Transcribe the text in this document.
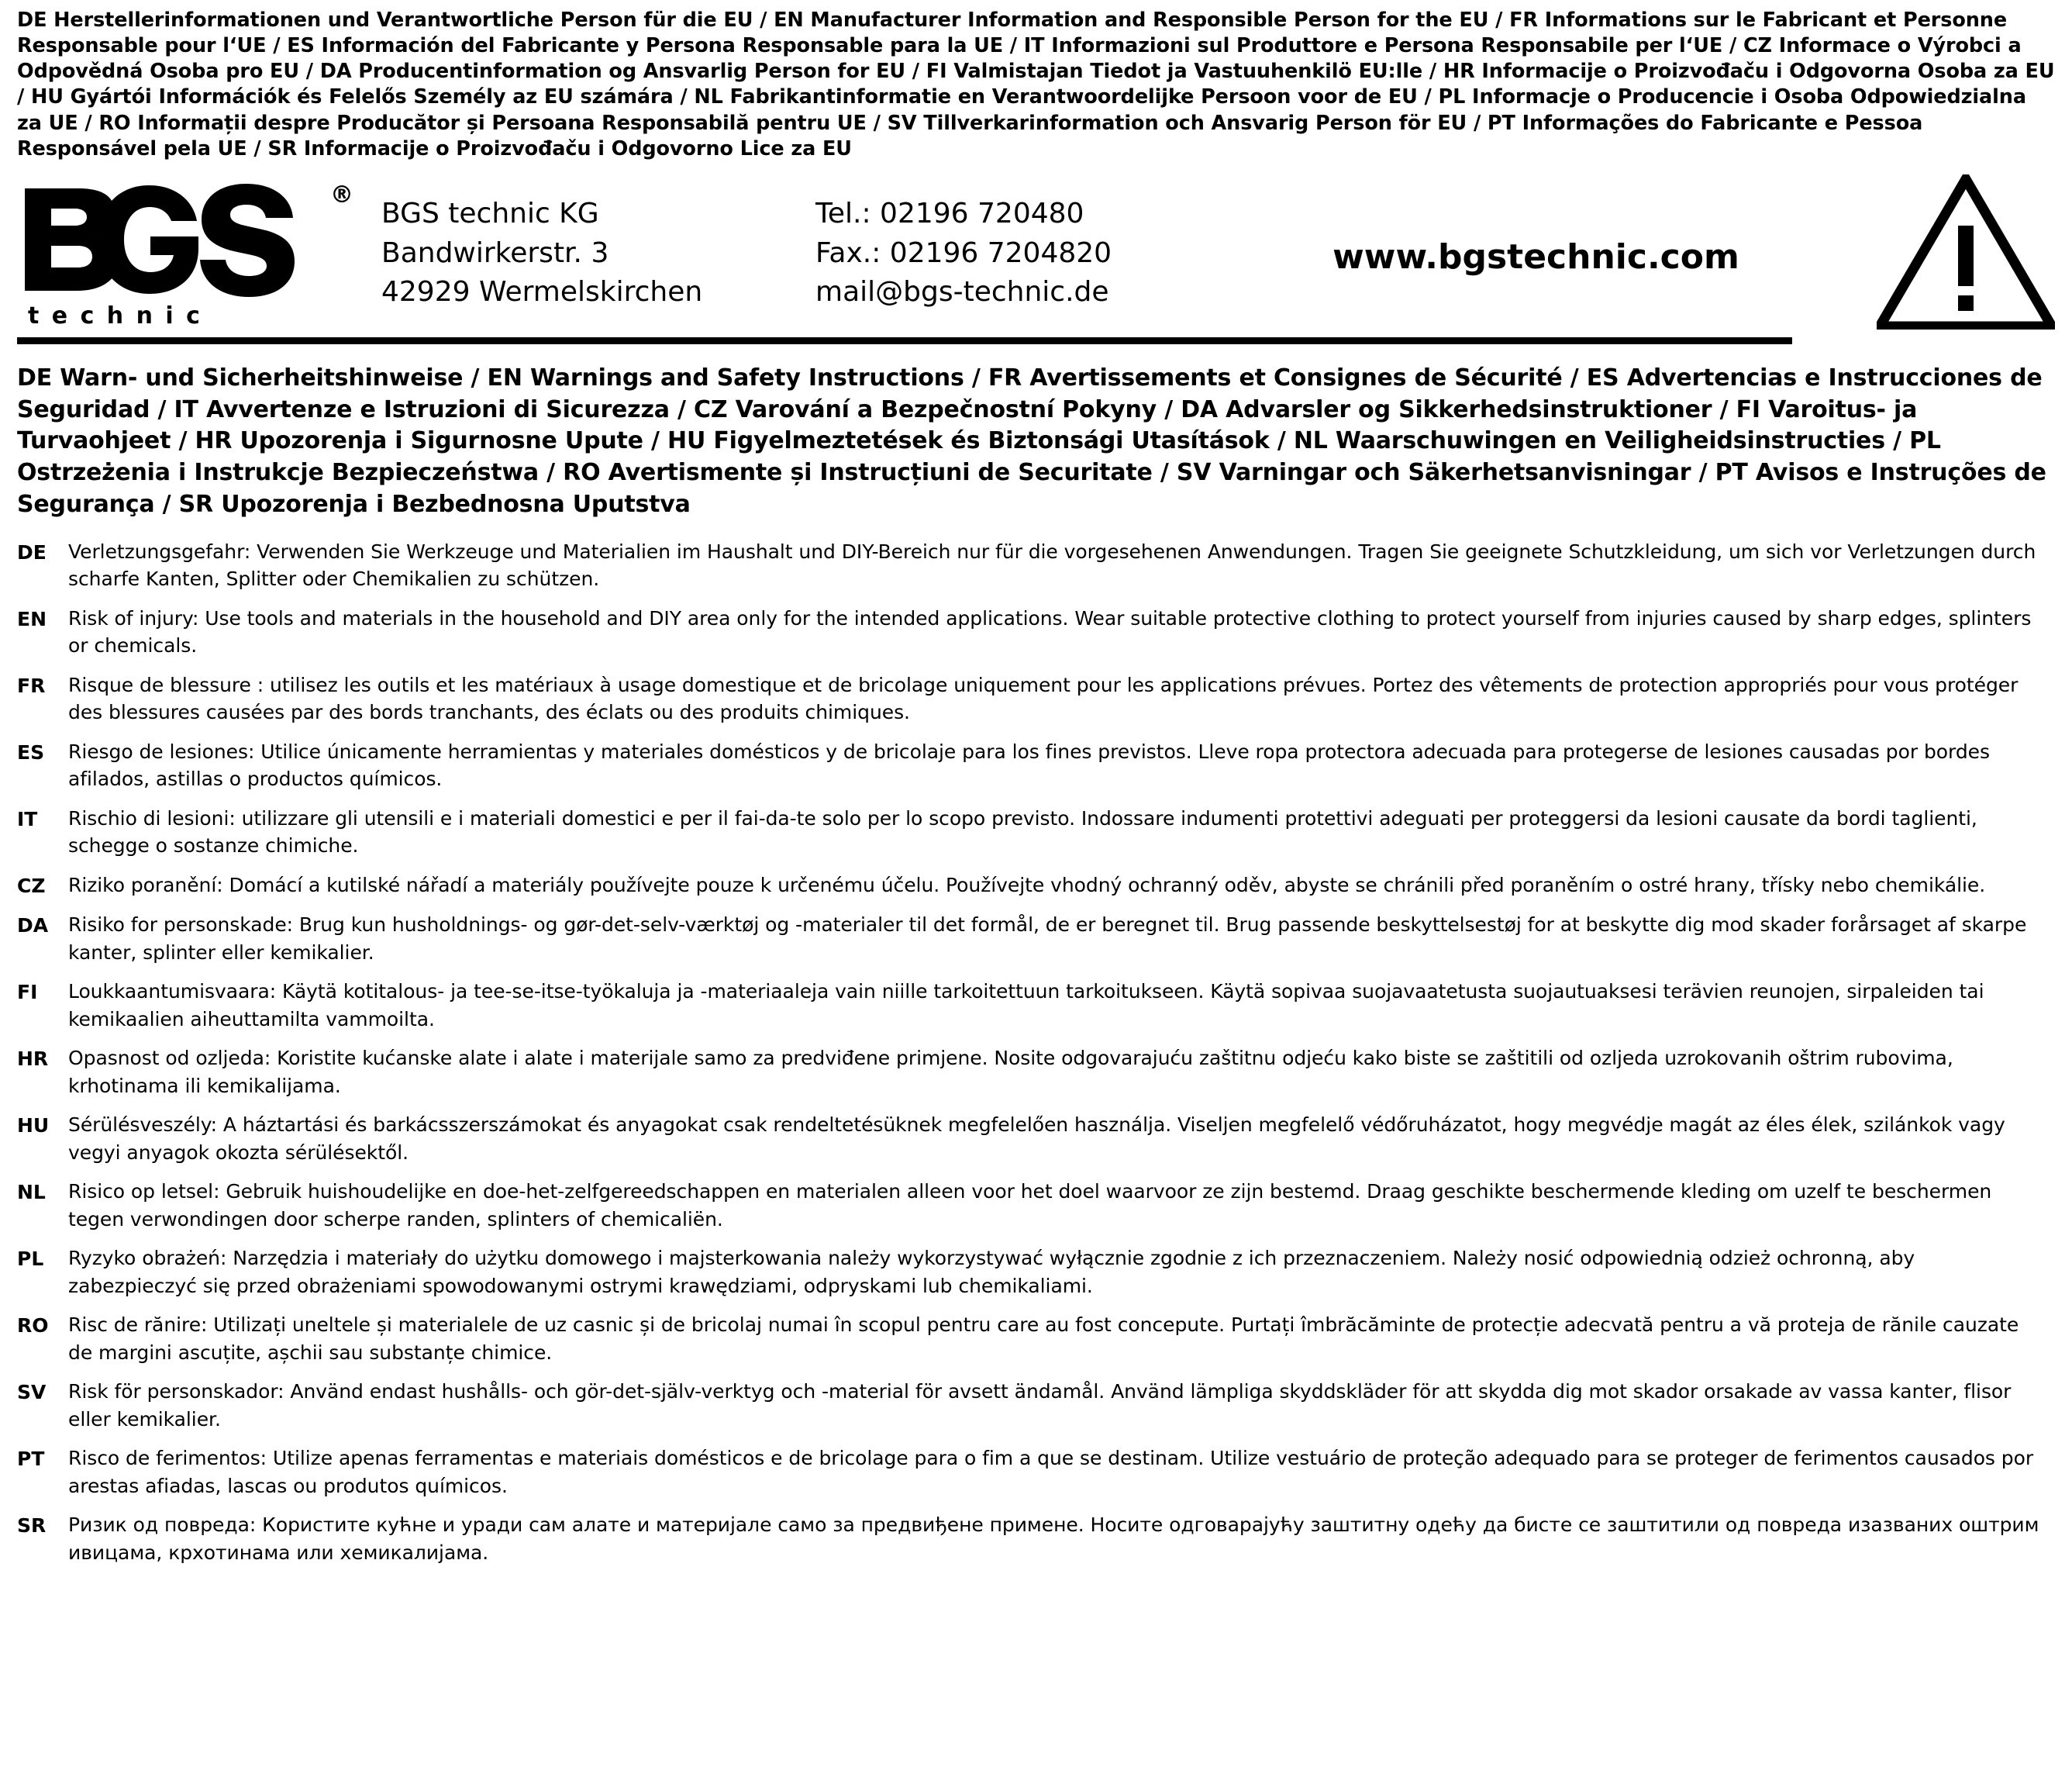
DE Herstellerinformationen und Verantwortliche Person für die EU / EN Manufacturer Information and Responsible Person for the EU / FR Informations sur le Fabricant et Personne Responsable pour l‘UE / ES Información del Fabricante y Persona Responsable para la UE / IT Informazioni sul Produttore e Persona Responsabile per l‘UE / CZ Informace o Výrobci a Odpovědná Osoba pro EU / DA Producentinformation og Ansvarlig Person for EU / FI Valmistajan Tiedot ja Vastuuhenkilö EU:lle / HR Informacije o Proizvođaču i Odgovorna Osoba za EU / HU Gyártói Információk és Felelős Személy az EU számára / NL Fabrikantinformatie en Verantwoordelijke Persoon voor de EU / PL Informacje o Producencie i Osoba Odpowiedzialna za UE / RO Informații despre Producător și Persoana Responsabilă pentru UE / SV Tillverkarinformation och Ansvarig Person för EU / PT Informações do Fabricante e Pessoa Responsável pela UE / SR Informacije o Proizvođaču i Odgovorno Lice za EU
®
t e c h n i c
BGS technic KG
Bandwirkerstr. 3
42929 Wermelskirchen
Tel.: 02196 720480
Fax.: 02196 7204820
mail@bgs-technic.de
www.bgstechnic.com
DE Warn- und Sicherheitshinweise / EN Warnings and Safety Instructions / FR Avertissements et Consignes de Sécurité / ES Advertencias e Instrucciones de Seguridad / IT Avvertenze e Istruzioni di Sicurezza / CZ Varování a Bezpečnostní Pokyny / DA Advarsler og Sikkerhedsinstruktioner / FI Varoitus- ja Turvaohjeet / HR Upozorenja i Sigurnosne Upute / HU Figyelmeztetések és Biztonsági Utasítások / NL Waarschuwingen en Veiligheidsinstructies / PL Ostrzeżenia i Instrukcje Bezpieczeństwa / RO Avertismente și Instrucțiuni de Securitate / SV Varningar och Säkerhetsanvisningar / PT Avisos e Instruções de Segurança / SR Upozorenja i Bezbednosna Uputstva
DE	Verletzungsgefahr: Verwenden Sie Werkzeuge und Materialien im Haushalt und DIY-Bereich nur für die vorgesehenen Anwendungen. Tragen Sie geeignete Schutzkleidung, um sich vor Verletzungen durch scharfe Kanten, Splitter oder Chemikalien zu schützen.
EN	Risk of injury: Use tools and materials in the household and DIY area only for the intended applications. Wear suitable protective clothing to protect yourself from injuries caused by sharp edges, splinters or chemicals.
FR	Risque de blessure : utilisez les outils et les matériaux à usage domestique et de bricolage uniquement pour les applications prévues. Portez des vêtements de protection appropriés pour vous protéger des blessures causées par des bords tranchants, des éclats ou des produits chimiques.
ES	Riesgo de lesiones: Utilice únicamente herramientas y materiales domésticos y de bricolaje para los fines previstos. Lleve ropa protectora adecuada para protegerse de lesiones causadas por bordes afilados, astillas o productos químicos.
IT	Rischio di lesioni: utilizzare gli utensili e i materiali domestici e per il fai-da-te solo per lo scopo previsto. Indossare indumenti protettivi adeguati per proteggersi da lesioni causate da bordi taglienti, schegge o sostanze chimiche.
CZ	Riziko poranění: Domácí a kutilské nářadí a materiály používejte pouze k určenému účelu. Používejte vhodný ochranný oděv, abyste se chránili před poraněním o ostré hrany, třísky nebo chemikálie.
DA	Risiko for personskade: Brug kun husholdnings- og gør-det-selv-værktøj og -materialer til det formål, de er beregnet til. Brug passende beskyttelsestøj for at beskytte dig mod skader forårsaget af skarpe kanter, splinter eller kemikalier.
FI	Loukkaantumisvaara: Käytä kotitalous- ja tee-se-itse-työkaluja ja -materiaaleja vain niille tarkoitettuun tarkoitukseen. Käytä sopivaa suojavaatetusta suojautuaksesi terävien reunojen, sirpaleiden tai kemikaalien aiheuttamilta vammoilta.
HR	Opasnost od ozljeda: Koristite kućanske alate i alate i materijale samo za predviđene primjene. Nosite odgovarajuću zaštitnu odjeću kako biste se zaštitili od ozljeda uzrokovanih oštrim rubovima, krhotinama ili kemikalijama.
HU Sérülésveszély: A háztartási és barkácsszerszámokat és anyagokat csak rendeltetésüknek megfelelően használja. Viseljen megfelelő védőruházatot, hogy megvédje magát az éles élek, szilánkok vagy vegyi anyagok okozta sérülésektől.
NL	Risico op letsel: Gebruik huishoudelijke en doe-het-zelfgereedschappen en materialen alleen voor het doel waarvoor ze zijn bestemd. Draag geschikte beschermende kleding om uzelf te beschermen tegen verwondingen door scherpe randen, splinters of chemicaliën.
PL	Ryzyko obrażeń: Narzędzia i materiały do użytku domowego i majsterkowania należy wykorzystywać wyłącznie zgodnie z ich przeznaczeniem. Należy nosić odpowiednią odzież ochronną, aby zabezpieczyć się przed obrażeniami spowodowanymi ostrymi krawędziami, odpryskami lub chemikaliami.
RO	Risc de rănire: Utilizați uneltele și materialele de uz casnic și de bricolaj numai în scopul pentru care au fost concepute. Purtați îmbrăcăminte de protecție adecvată pentru a vă proteja de rănile cauzate de margini ascuțite, așchii sau substanțe chimice.
SV	Risk för personskador: Använd endast hushålls- och gör-det-själv-verktyg och -material för avsett ändamål. Använd lämpliga skyddskläder för att skydda dig mot skador orsakade av vassa kanter, flisor eller kemikalier.
PT	Risco de ferimentos: Utilize apenas ferramentas e materiais domésticos e de bricolage para o fim a que se destinam. Utilize vestuário de proteção adequado para se proteger de ferimentos causados por arestas afiadas, lascas ou produtos químicos.
SR	Ризик од повреда: Користите кућне и уради сам алате и материјале само за предвиђене примене. Носите одговарајућу заштитну одећу да бисте се заштитили од повреда изазваних оштрим ивицама, крхотинама или хемикалијама.
